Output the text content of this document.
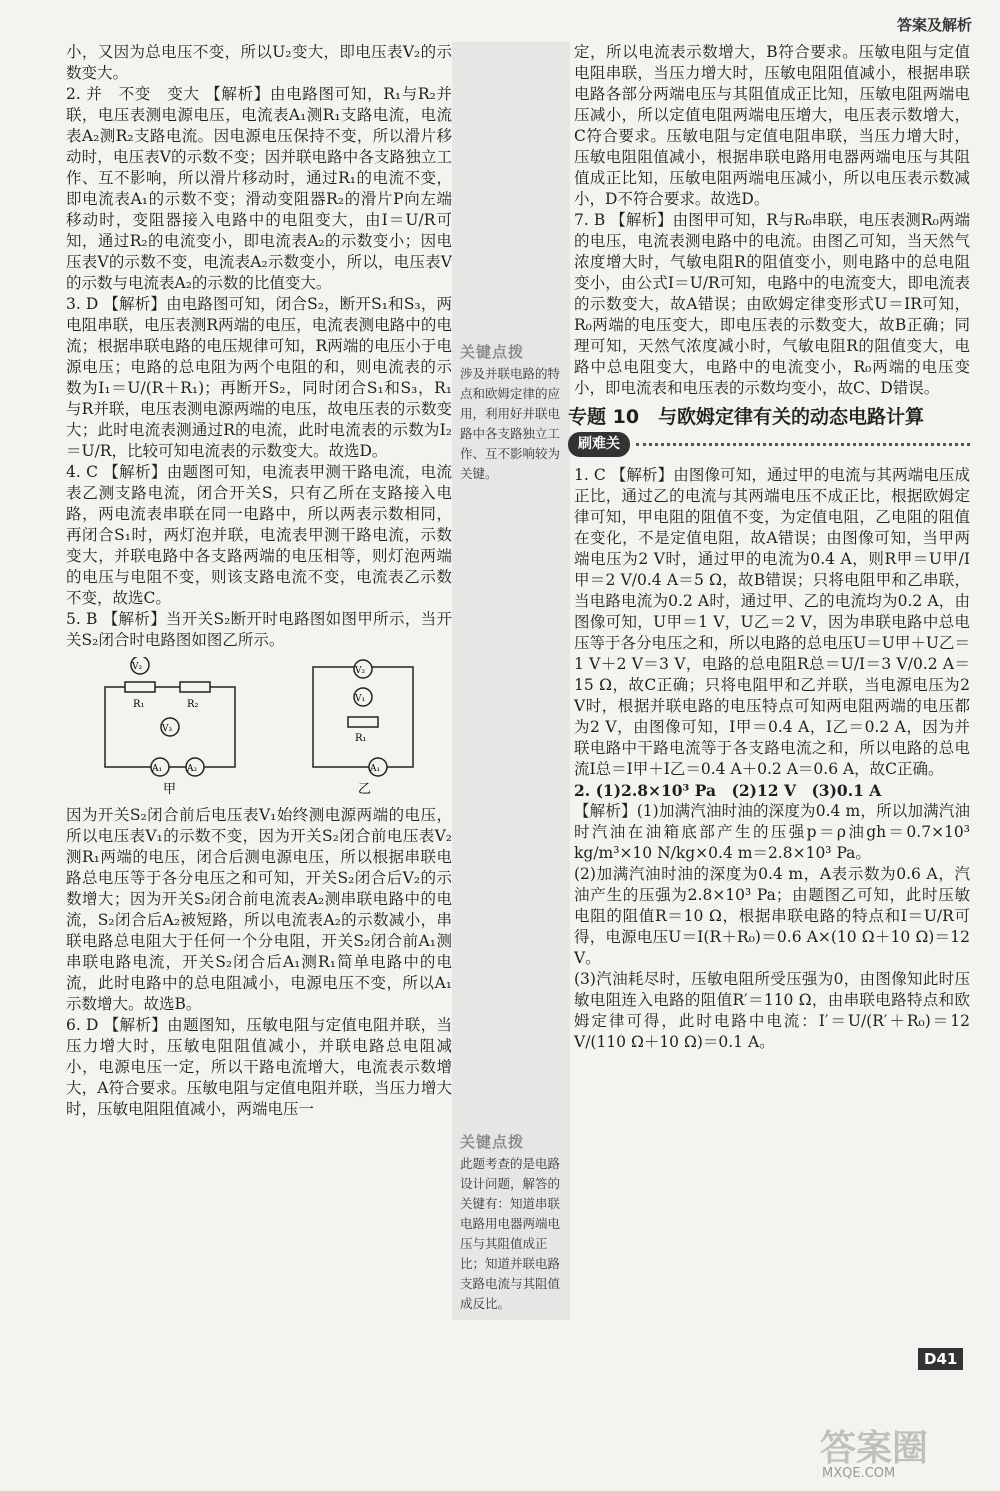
答案及解析

小，又因为总电压不变，所以U₂变大，即电压表V₂的示数变大。

2. 并　不变　变大 【解析】由电路图可知，R₁与R₂并联，电压表测电源电压，电流表A₁测R₁支路电流，电流表A₂测R₂支路电流。因电源电压保持不变，所以滑片移动时，电压表V的示数不变；因并联电路中各支路独立工作、互不影响，所以滑片移动时，通过R₁的电流不变，即电流表A₁的示数不变；滑动变阻器R₂的滑片P向左端移动时，变阻器接入电路中的电阻变大，由I＝U/R可知，通过R₂的电流变小，即电流表A₂的示数变小；因电压表V的示数不变，电流表A₂示数变小，所以，电压表V的示数与电流表A₂的示数的比值变大。

3. D 【解析】由电路图可知，闭合S₂，断开S₁和S₃，两电阻串联，电压表测R两端的电压，电流表测电路中的电流；根据串联电路的电压规律可知，R两端的电压小于电源电压；电路的总电阻为两个电阻的和，则电流表的示数为I₁＝U/(R＋R₁)；再断开S₂，同时闭合S₁和S₃，R₁与R并联，电压表测电源两端的电压，故电压表的示数变大；此时电流表测通过R的电流，此时电流表的示数为I₂＝U/R，比较可知电流表的示数变大。故选D。

4. C 【解析】由题图可知，电流表甲测干路电流，电流表乙测支路电流，闭合开关S，只有乙所在支路接入电路，两电流表串联在同一电路中，所以两表示数相同，再闭合S₁时，两灯泡并联，电流表甲测干路电流，示数变大，并联电路中各支路两端的电压相等，则灯泡两端的电压与电阻不变，则该支路电流不变，电流表乙示数不变，故选C。

5. B 【解析】当开关S₂断开时电路图如图甲所示，当开关S₂闭合时电路图如图乙所示。

V₂
V₃
A₁	A₂
R₁	R₂
甲
V₂
V₁
R₁
A₁
乙

因为开关S₂闭合前后电压表V₁始终测电源两端的电压，所以电压表V₁的示数不变，因为开关S₂闭合前电压表V₂测R₁两端的电压，闭合后测电源电压，所以根据串联电路总电压等于各分电压之和可知，开关S₂闭合后V₂的示数增大；因为开关S₂闭合前电流表A₂测串联电路中的电流，S₂闭合后A₂被短路，所以电流表A₂的示数减小，串联电路总电阻大于任何一个分电阻，开关S₂闭合前A₁测串联电路电流，开关S₂闭合后A₁测R₁简单电路中的电流，此时电路中的总电阻减小，电源电压不变，所以A₁示数增大。故选B。

6. D 【解析】由题图知，压敏电阻与定值电阻并联，当压力增大时，压敏电阻阻值减小，并联电路总电阻减小，电源电压一定，所以干路电流增大，电流表示数增大，A符合要求。压敏电阻与定值电阻并联，当压力增大时，压敏电阻阻值减小，两端电压一

关键点拨
涉及并联电路的特点和欧姆定律的应用，利用好并联电路中各支路独立工作、互不影响较为关键。
关键点拨
此题考查的是电路设计问题，解答的关键有：知道串联电路用电器两端电压与其阻值成正比；知道并联电路支路电流与其阻值成反比。

定，所以电流表示数增大，B符合要求。压敏电阻与定值电阻串联，当压力增大时，压敏电阻阻值减小，根据串联电路各部分两端电压与其阻值成正比知，压敏电阻两端电压减小，所以定值电阻两端电压增大，电压表示数增大，C符合要求。压敏电阻与定值电阻串联，当压力增大时，压敏电阻阻值减小，根据串联电路用电器两端电压与其阻值成正比知，压敏电阻两端电压减小，所以电压表示数减小，D不符合要求。故选D。

7. B 【解析】由图甲可知，R与R₀串联，电压表测R₀两端的电压，电流表测电路中的电流。由图乙可知，当天然气浓度增大时，气敏电阻R的阻值变小，则电路中的总电阻变小，由公式I＝U/R可知，电路中的电流变大，即电流表的示数变大，故A错误；由欧姆定律变形式U＝IR可知，R₀两端的电压变大，即电压表的示数变大，故B正确；同理可知，天然气浓度减小时，气敏电阻R的阻值变大，电路中总电阻变大，电路中的电流变小，R₀两端的电压变小，即电流表和电压表的示数均变小，故C、D错误。

专题 10　与欧姆定律有关的动态电路计算
刷难关

1. C 【解析】由图像可知，通过甲的电流与其两端电压成正比，通过乙的电流与其两端电压不成正比，根据欧姆定律可知，甲电阻的阻值不变，为定值电阻，乙电阻的阻值在变化，不是定值电阻，故A错误；由图像可知，当甲两端电压为2 V时，通过甲的电流为0.4 A，则R甲＝U甲/I甲＝2 V/0.4 A＝5 Ω，故B错误；只将电阻甲和乙串联，当电路电流为0.2 A时，通过甲、乙的电流均为0.2 A，由图像可知，U甲＝1 V，U乙＝2 V，因为串联电路中总电压等于各分电压之和，所以电路的总电压U＝U甲＋U乙＝1 V＋2 V＝3 V，电路的总电阻R总＝U/I＝3 V/0.2 A＝15 Ω，故C正确；只将电阻甲和乙并联，当电源电压为2 V时，根据并联电路的电压特点可知两电阻两端的电压都为2 V，由图像可知，I甲＝0.4 A，I乙＝0.2 A，因为并联电路中干路电流等于各支路电流之和，所以电路的总电流I总＝I甲＋I乙＝0.4 A＋0.2 A＝0.6 A，故C正确。

2. (1)2.8×10³ Pa　(2)12 V　(3)0.1 A

【解析】(1)加满汽油时油的深度为0.4 m，所以加满汽油时汽油在油箱底部产生的压强p＝ρ油gh＝0.7×10³ kg/m³×10 N/kg×0.4 m＝2.8×10³ Pa。

(2)加满汽油时油的深度为0.4 m，A表示数为0.6 A，汽油产生的压强为2.8×10³ Pa；由题图乙可知，此时压敏电阻的阻值R＝10 Ω，根据串联电路的特点和I＝U/R可得，电源电压U＝I(R＋R₀)＝0.6 A×(10 Ω＋10 Ω)＝12 V。

(3)汽油耗尽时，压敏电阻所受压强为0，由图像知此时压敏电阻连入电路的阻值R′＝110 Ω，由串联电路特点和欧姆定律可得，此时电路中电流：I′＝U/(R′＋R₀)＝12 V/(110 Ω＋10 Ω)＝0.1 A。

D41
答案圈
MXQE.COM
